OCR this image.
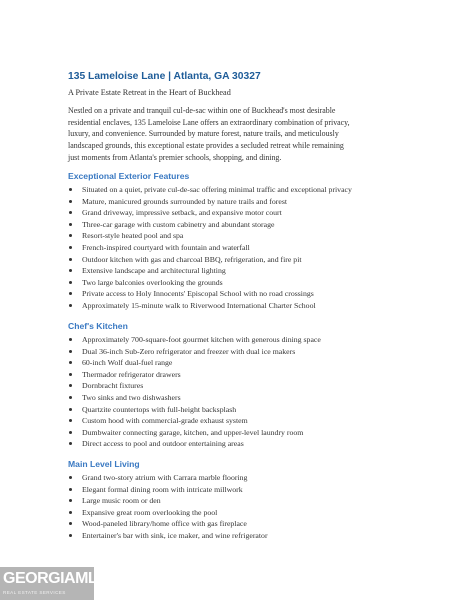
135 Lameloise Lane | Atlanta, GA 30327
A Private Estate Retreat in the Heart of Buckhead

Nestled on a private and tranquil cul-de-sac within one of Buckhead's most desirable
residential enclaves, 135 Lameloise Lane offers an extraordinary combination of privacy,
luxury, and convenience. Surrounded by mature forest, nature trails, and meticulously
landscaped grounds, this exceptional estate provides a secluded retreat while remaining
just moments from Atlanta's premier schools, shopping, and dining.

Exceptional Exterior Features
Situated on a quiet, private cul-de-sac offering minimal traffic and exceptional privacy
Mature, manicured grounds surrounded by nature trails and forest
Grand driveway, impressive setback, and expansive motor court
Three-car garage with custom cabinetry and abundant storage
Resort-style heated pool and spa
French-inspired courtyard with fountain and waterfall
Outdoor kitchen with gas and charcoal BBQ, refrigeration, and fire pit
Extensive landscape and architectural lighting
Two large balconies overlooking the grounds
Private access to Holy Innocents' Episcopal School with no road crossings
Approximately 15-minute walk to Riverwood International Charter School
Chef's Kitchen
Approximately 700-square-foot gourmet kitchen with generous dining space
Dual 36-inch Sub-Zero refrigerator and freezer with dual ice makers
60-inch Wolf dual-fuel range
Thermador refrigerator drawers
Dornbracht fixtures
Two sinks and two dishwashers
Quartzite countertops with full-height backsplash
Custom hood with commercial-grade exhaust system
Dumbwaiter connecting garage, kitchen, and upper-level laundry room
Direct access to pool and outdoor entertaining areas
Main Level Living
Grand two-story atrium with Carrara marble flooring
Elegant formal dining room with intricate millwork
Large music room or den
Expansive great room overlooking the pool
Wood-paneled library/home office with gas fireplace
Entertainer's bar with sink, ice maker, and wine refrigerator
GEORGIAMLS
REAL ESTATE SERVICES
